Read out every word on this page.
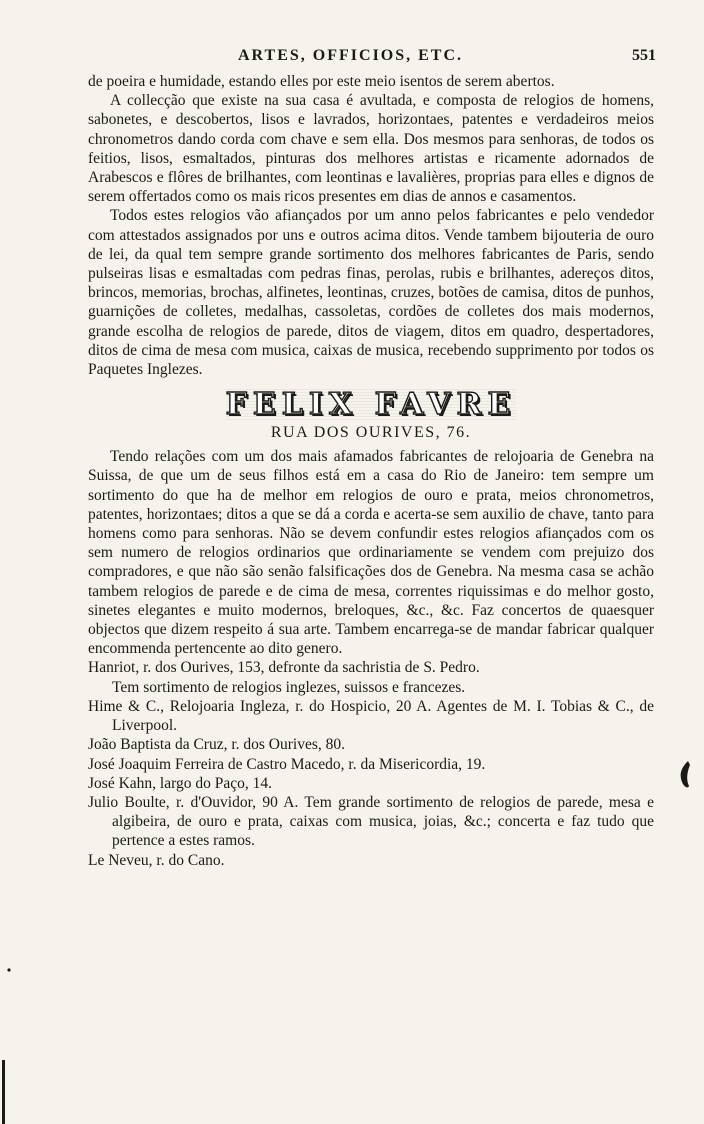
ARTES, OFFICIOS, ETC.	551

de poeira e humidade, estando elles por este meio isentos de serem abertos.

A collecção que existe na sua casa é avultada, e composta de relogios de homens, sabonetes, e descobertos, lisos e lavrados, horizontaes, patentes e verdadeiros meios chronometros dando corda com chave e sem ella. Dos mesmos para senhoras, de todos os feitios, lisos, esmaltados, pinturas dos melhores artistas e ricamente adornados de Arabescos e flôres de brilhantes, com leontinas e lavalières, proprias para elles e dignos de serem offertados como os mais ricos presentes em dias de annos e casamentos.

Todos estes relogios vão afiançados por um anno pelos fabricantes e pelo vendedor com attestados assignados por uns e outros acima ditos. Vende tambem bijouteria de ouro de lei, da qual tem sempre grande sortimento dos melhores fabricantes de Paris, sendo pulseiras lisas e esmaltadas com pedras finas, perolas, rubis e brilhantes, adereços ditos, brincos, memorias, brochas, alfinetes, leontinas, cruzes, botões de camisa, ditos de punhos, guarnições de colletes, medalhas, cassoletas, cordões de colletes dos mais modernos, grande escolha de relogios de parede, ditos de viagem, ditos em quadro, despertadores, ditos de cima de mesa com musica, caixas de musica, recebendo supprimento por todos os Paquetes Inglezes.

FELIX FAVRE
RUA DOS OURIVES, 76.

Tendo relações com um dos mais afamados fabricantes de relojoaria de Genebra na Suissa, de que um de seus filhos está em a casa do Rio de Janeiro: tem sempre um sortimento do que ha de melhor em relogios de ouro e prata, meios chronometros, patentes, horizontaes; ditos a que se dá a corda e acerta-se sem auxilio de chave, tanto para homens como para senhoras. Não se devem confundir estes relogios afiançados com os sem numero de relogios ordinarios que ordinariamente se vendem com prejuizo dos compradores, e que não são senão falsificações dos de Genebra. Na mesma casa se achão tambem relogios de parede e de cima de mesa, correntes riquissimas e do melhor gosto, sinetes elegantes e muito modernos, breloques, &c., &c. Faz concertos de quaesquer objectos que dizem respeito á sua arte. Tambem encarrega-se de mandar fabricar qualquer encommenda pertencente ao dito genero.

Hanriot, r. dos Ourives, 153, defronte da sachristia de S. Pedro.

Tem sortimento de relogios inglezes, suissos e francezes.

Hime & C., Relojoaria Ingleza, r. do Hospicio, 20 A. Agentes de M. I. Tobias & C., de Liverpool.

João Baptista da Cruz, r. dos Ourives, 80.

José Joaquim Ferreira de Castro Macedo, r. da Misericordia, 19.

José Kahn, largo do Paço, 14.

Julio Boulte, r. d'Ouvidor, 90 A. Tem grande sortimento de relogios de parede, mesa e algibeira, de ouro e prata, caixas com musica, joias, &c.; concerta e faz tudo que pertence a estes ramos.

Le Neveu, r. do Cano.
